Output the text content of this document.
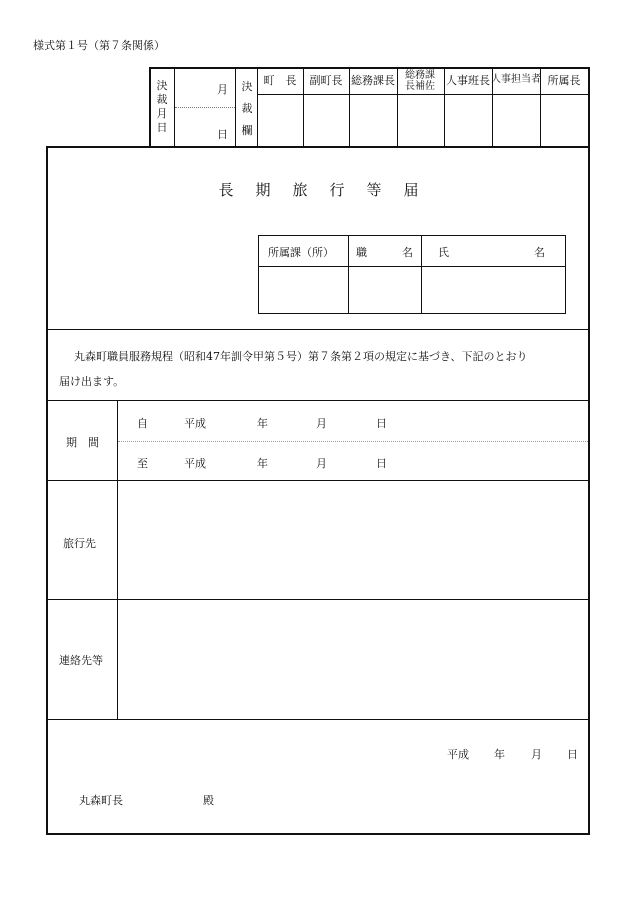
様式第１号（第７条関係）
決裁月日
月
日
決裁欄
町　長 副町長 総務課長 総務課長補佐 人事班長 人事担当者 所属長
長 期 旅 行 等 届
所属課（所） 職	名 氏	名
丸森町職員服務規程（昭和47年訓令甲第５号）第７条第２項の規定に基づき、下記のとおり
届け出ます。
期　間
自	平成	年	月	日
至	平成	年	月	日
旅行先
連絡先等
平成 年 月 日
丸森町長	殿
